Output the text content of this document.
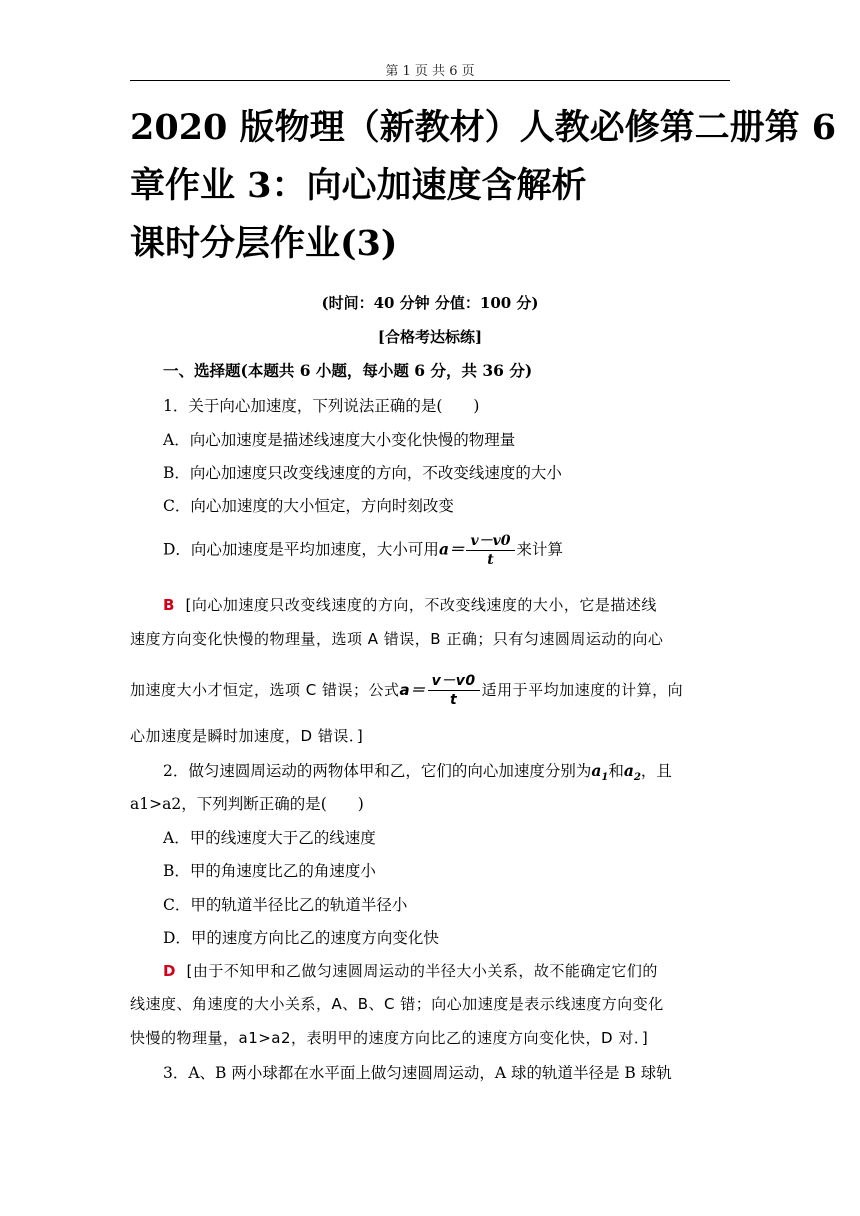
第 1 页 共 6 页
2020 版物理（新教材）人教必修第二册第 6
章作业 3：向心加速度含解析
课时分层作业(3)
(时间：40 分钟 分值：100 分)
[合格考达标练]
一、选择题(本题共 6 小题，每小题 6 分，共 36 分)
1．关于向心加速度，下列说法正确的是(　　)
A．向心加速度是描述线速度大小变化快慢的物理量
B．向心加速度只改变线速度的方向，不改变线速度的大小
C．向心加速度的大小恒定，方向时刻改变
D．向心加速度是平均加速度，大小可用$a= \frac{v-v0}{t}$ 来计算
B [向心加速度只改变线速度的方向，不改变线速度的大小，它是描述线
速度方向变化快慢的物理量，选项 A 错误，B 正确；只有匀速圆周运动的向心
加速度大小才恒定，选项 C 错误；公式$a= \frac{v-v0}{t}$ 适用于平均加速度的计算，向
心加速度是瞬时加速度，D 错误．]
2．做匀速圆周运动的两物体甲和乙，它们的向心加速度分别为$a_1$和$a_2$，且
a1>a2，下列判断正确的是(　　)
A．甲的线速度大于乙的线速度
B．甲的角速度比乙的角速度小
C．甲的轨道半径比乙的轨道半径小
D．甲的速度方向比乙的速度方向变化快
D [由于不知甲和乙做匀速圆周运动的半径大小关系，故不能确定它们的
线速度、角速度的大小关系，A、B、C 错；向心加速度是表示线速度方向变化
快慢的物理量，a1>a2，表明甲的速度方向比乙的速度方向变化快，D 对．]
3．A、B 两小球都在水平面上做匀速圆周运动，A 球的轨道半径是 B 球轨
